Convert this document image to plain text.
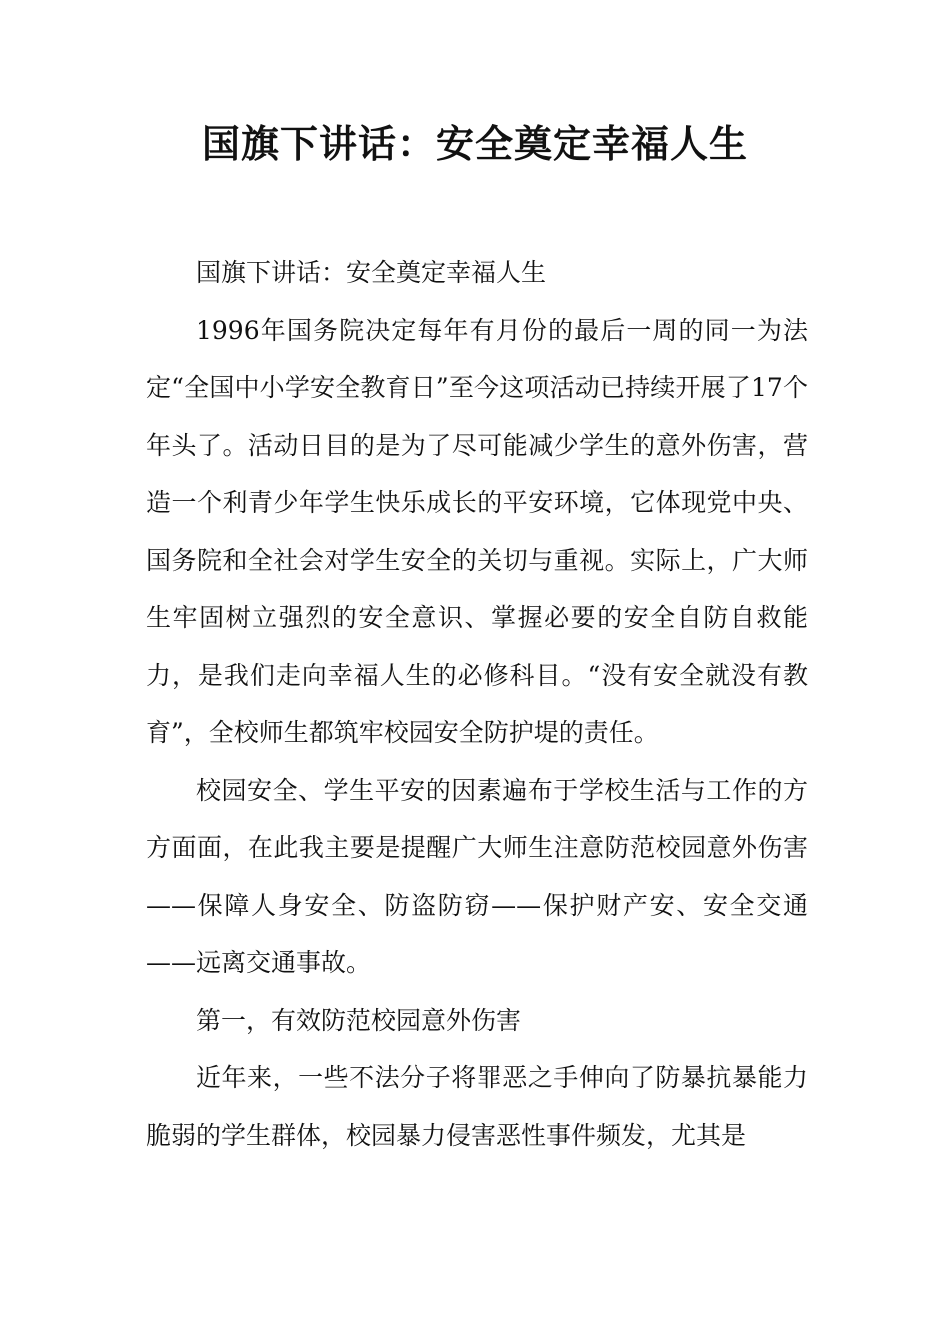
国旗下讲话：安全奠定幸福人生

国旗下讲话：安全奠定幸福人生

1996年国务院决定每年有月份的最后一周的同一为法定“全国中小学安全教育日”至今这项活动已持续开展了17个年头了。活动日目的是为了尽可能减少学生的意外伤害，营造一个利青少年学生快乐成长的平安环境，它体现党中央、国务院和全社会对学生安全的关切与重视。实际上，广大师生牢固树立强烈的安全意识、掌握必要的安全自防自救能力，是我们走向幸福人生的必修科目。“没有安全就没有教育”，全校师生都筑牢校园安全防护堤的责任。

校园安全、学生平安的因素遍布于学校生活与工作的方方面面，在此我主要是提醒广大师生注意防范校园意外伤害——保障人身安全、防盗防窃——保护财产安、安全交通——远离交通事故。

第一，有效防范校园意外伤害

近年来，一些不法分子将罪恶之手伸向了防暴抗暴能力脆弱的学生群体，校园暴力侵害恶性事件频发，尤其是
